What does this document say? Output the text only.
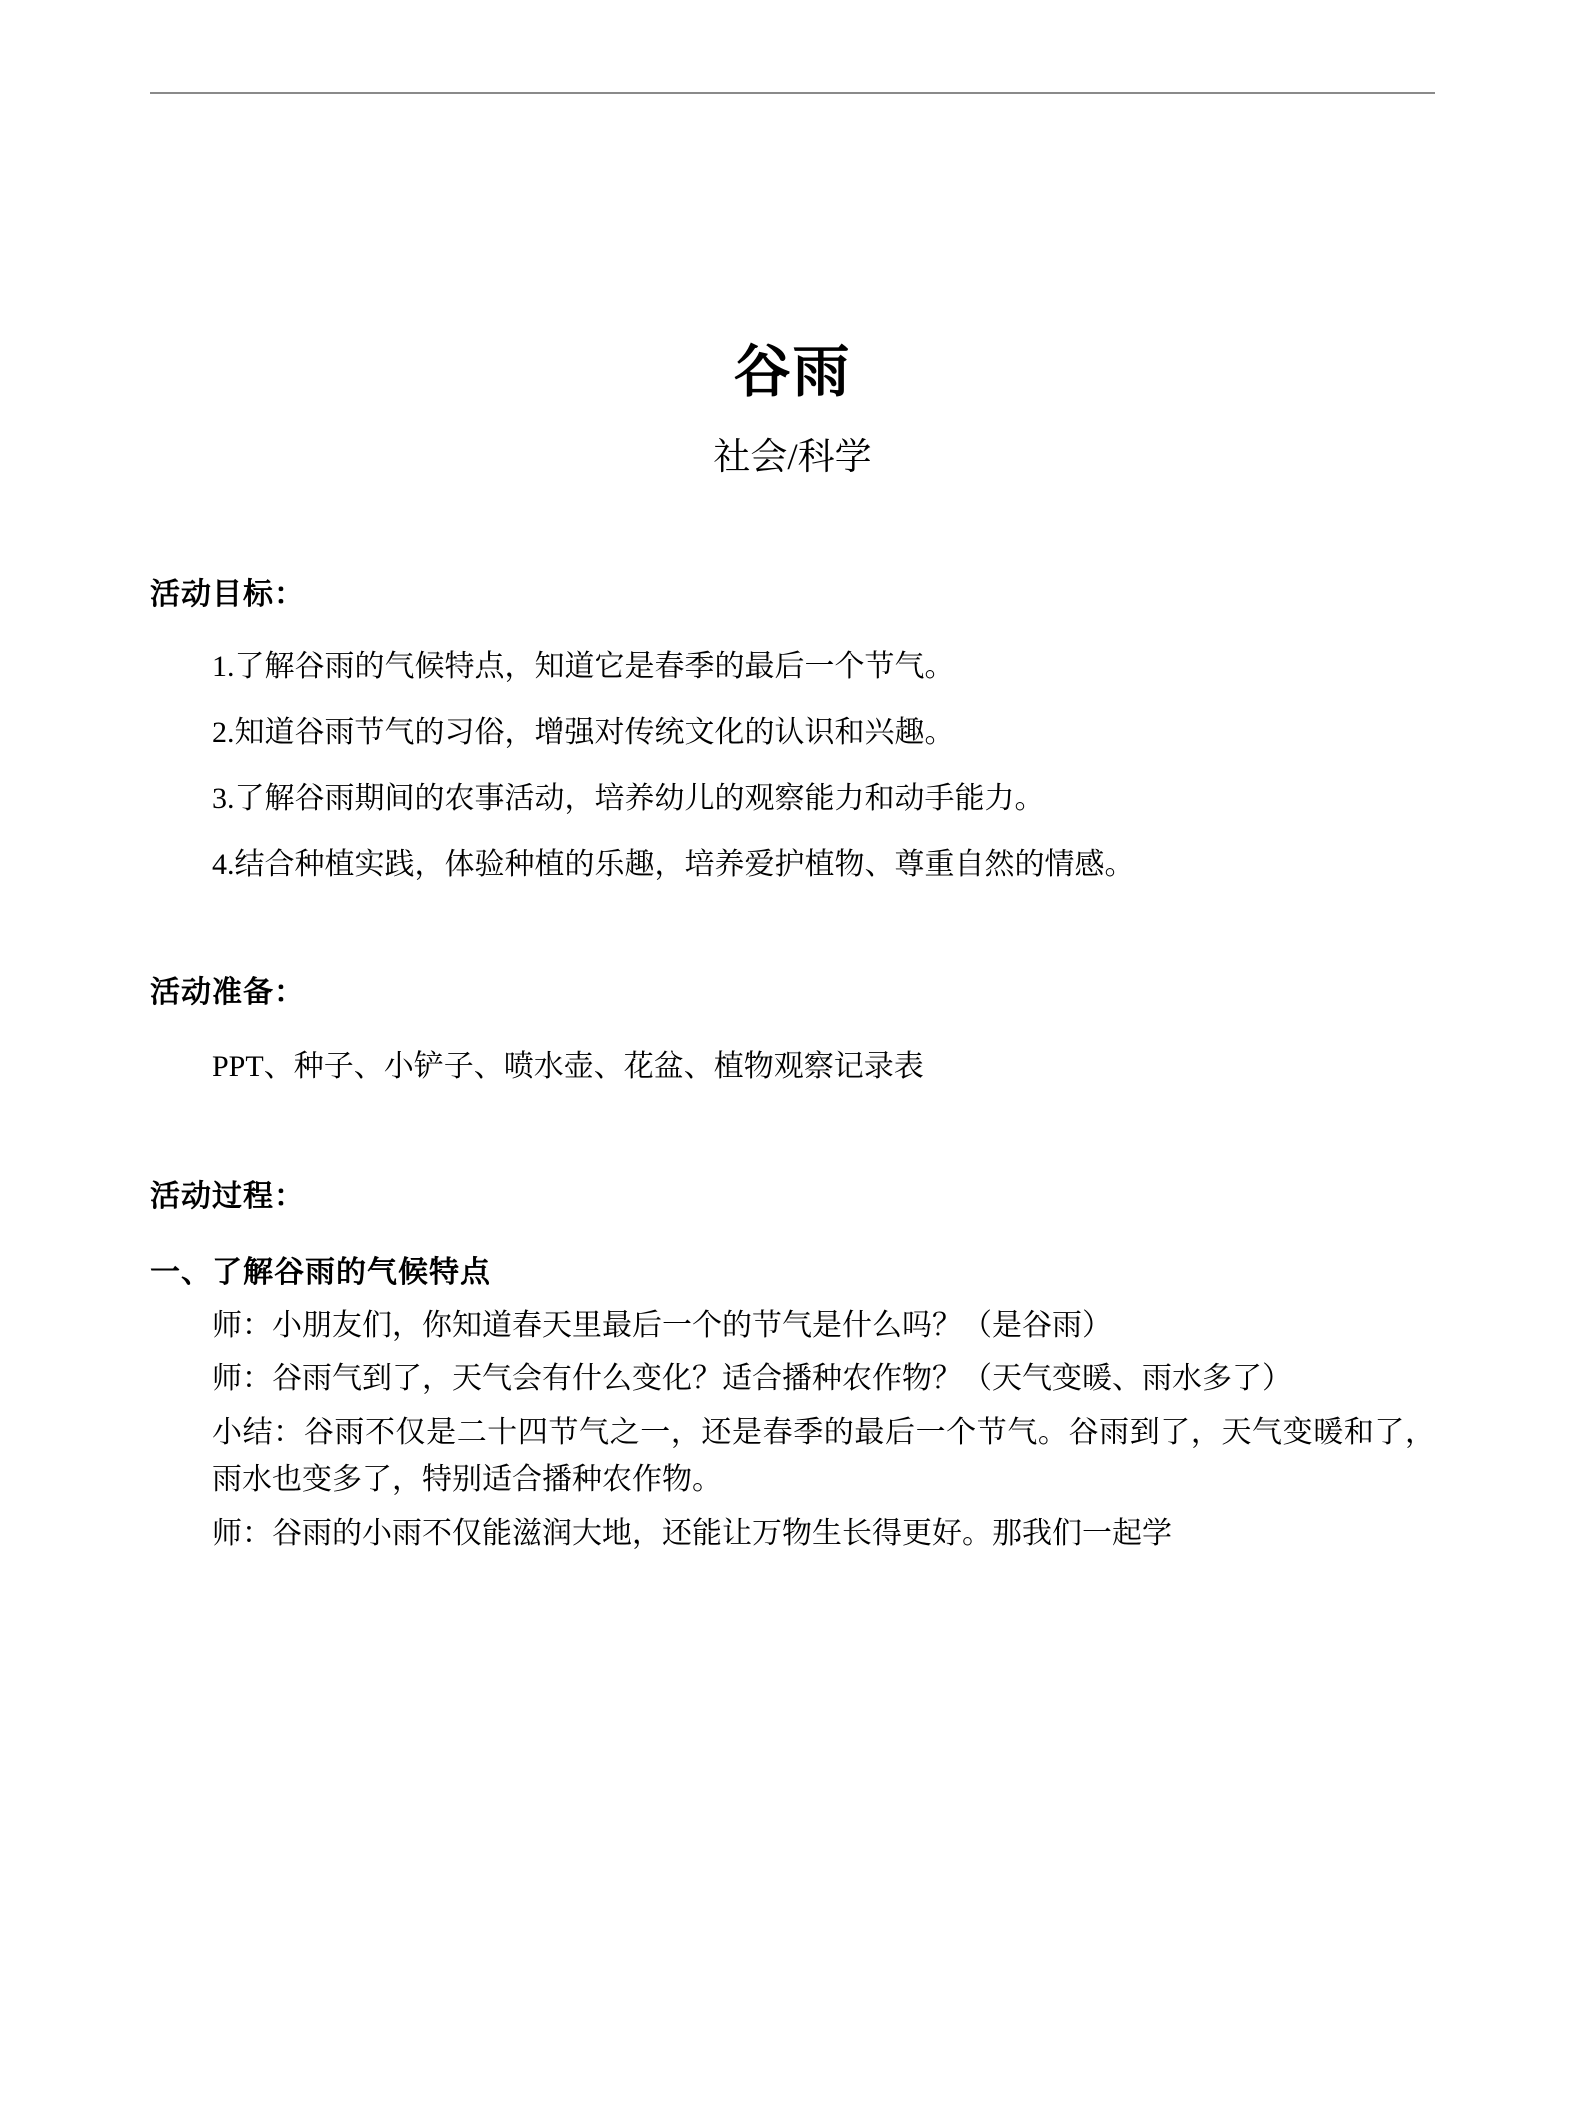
谷雨
社会/科学
活动目标：
1.了解谷雨的气候特点，知道它是春季的最后一个节气。
2.知道谷雨节气的习俗，增强对传统文化的认识和兴趣。
3.了解谷雨期间的农事活动，培养幼儿的观察能力和动手能力。
4.结合种植实践，体验种植的乐趣，培养爱护植物、尊重自然的情感。
活动准备：
PPT、种子、小铲子、喷水壶、花盆、植物观察记录表
活动过程：
一、了解谷雨的气候特点

师：小朋友们，你知道春天里最后一个的节气是什么吗？（是谷雨）

师：谷雨气到了，天气会有什么变化？适合播种农作物？（天气变暖、雨水多了）

小结：谷雨不仅是二十四节气之一，还是春季的最后一个节气。谷雨到了，天气变暖和了，雨水也变多了，特别适合播种农作物。

师：谷雨的小雨不仅能滋润大地，还能让万物生长得更好。那我们一起学
